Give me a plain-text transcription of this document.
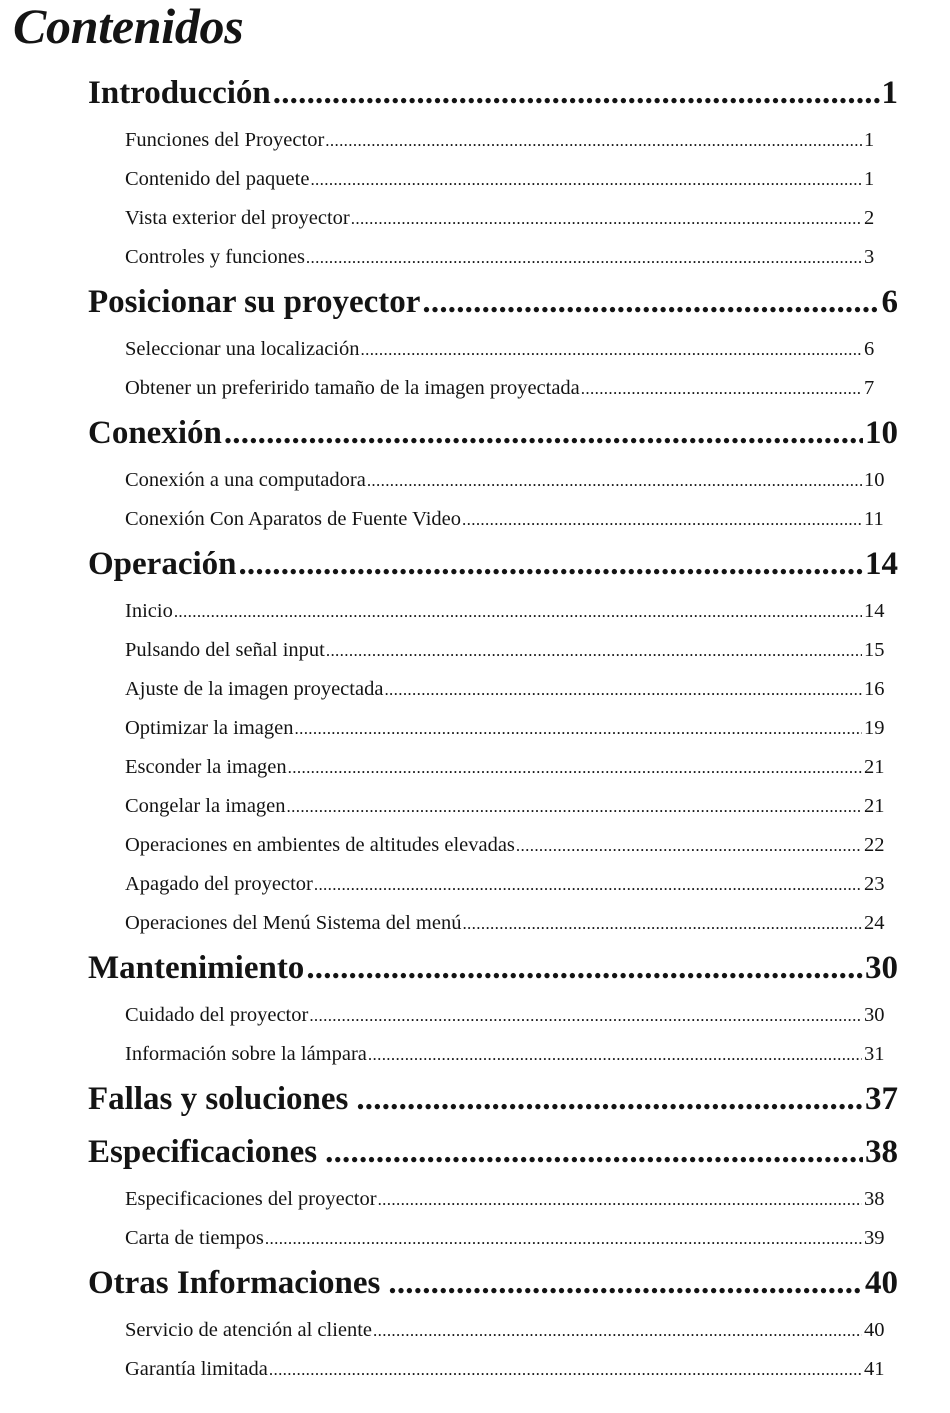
Contenidos
Introducción .....	1
Funciones del Proyector .....	1
Contenido del paquete .....	1
Vista exterior del proyector .....	2
Controles y funciones .....	3
Posicionar su proyector .....	6
Seleccionar una localización .....	6
Obtener un preferirido tamaño de la imagen proyectada .....	7
Conexión .....	10
Conexión a una computadora .....	10
Conexión Con Aparatos de Fuente Video .....	11
Operación .....	14
Inicio .....	14
Pulsando del señal input .....	15
Ajuste de la imagen proyectada .....	16
Optimizar la imagen .....	19
Esconder la imagen .....	21
Congelar la imagen .....	21
Operaciones en ambientes de altitudes elevadas .....	22
Apagado del proyector .....	23
Operaciones del Menú Sistema del menú .....	24
Mantenimiento .....	30
Cuidado del proyector .....	30
Información sobre la lámpara .....	31
Fallas y soluciones .....	37
Especificaciones .....	38
Especificaciones del proyector .....	38
Carta de tiempos .....	39
Otras Informaciones .....	40
Servicio de atención al cliente .....	40
Garantía limitada .....	41
